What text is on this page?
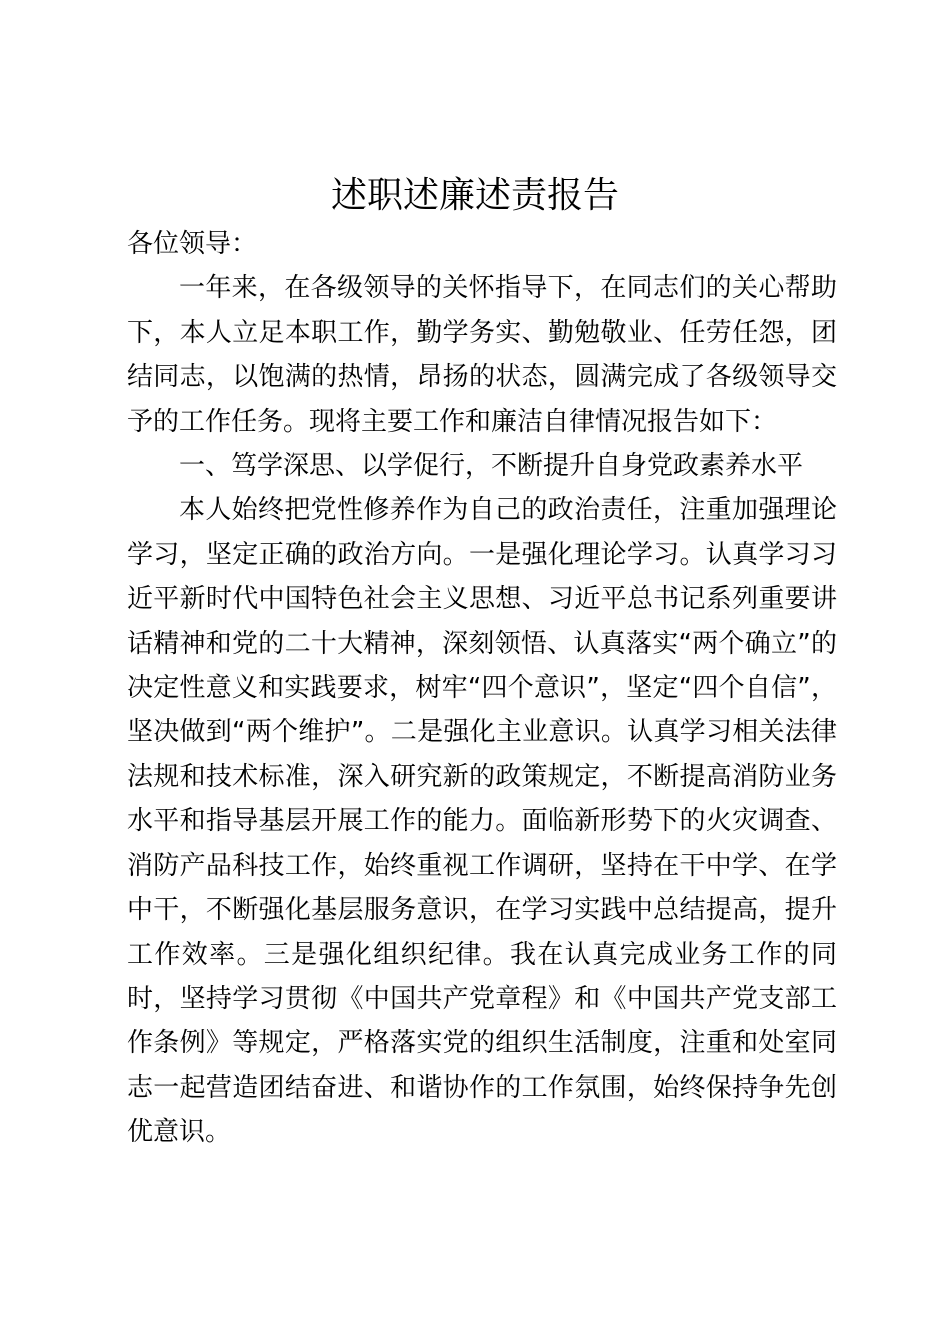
述职述廉述责报告

各位领导：

一年来，在各级领导的关怀指导下，在同志们的关心帮助下，本人立足本职工作，勤学务实、勤勉敬业、任劳任怨，团结同志，以饱满的热情，昂扬的状态，圆满完成了各级领导交予的工作任务。现将主要工作和廉洁自律情况报告如下：

一、笃学深思、以学促行，不断提升自身党政素养水平

本人始终把党性修养作为自己的政治责任，注重加强理论学习，坚定正确的政治方向。一是强化理论学习。认真学习习近平新时代中国特色社会主义思想、习近平总书记系列重要讲话精神和党的二十大精神，深刻领悟、认真落实“两个确立”的决定性意义和实践要求，树牢“四个意识”，坚定“四个自信”，坚决做到“两个维护”。二是强化主业意识。认真学习相关法律法规和技术标准，深入研究新的政策规定，不断提高消防业务水平和指导基层开展工作的能力。面临新形势下的火灾调查、消防产品科技工作，始终重视工作调研，坚持在干中学、在学中干，不断强化基层服务意识，在学习实践中总结提高，提升工作效率。三是强化组织纪律。我在认真完成业务工作的同时，坚持学习贯彻《中国共产党章程》和《中国共产党支部工作条例》等规定，严格落实党的组织生活制度，注重和处室同志一起营造团结奋进、和谐协作的工作氛围，始终保持争先创优意识。
